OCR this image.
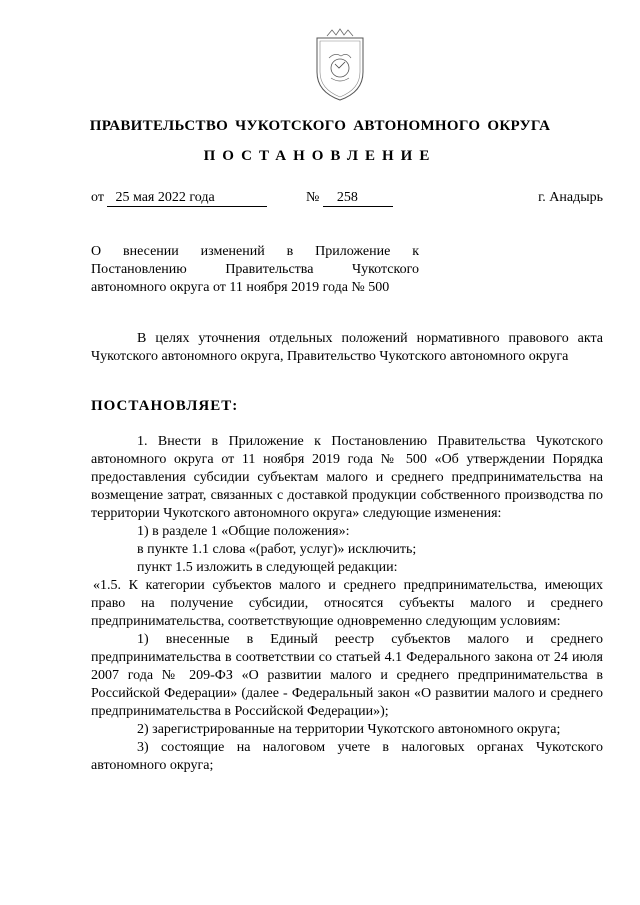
ПРАВИТЕЛЬСТВО ЧУКОТСКОГО АВТОНОМНОГО ОКРУГА
ПОСТАНОВЛЕНИЕ
от 25 мая 2022 года	№ 258	г. Анадырь
О внесении изменений в Приложение к
Постановлению Правительства Чукотского
автономного округа от 11 ноября 2019 года № 500

В целях уточнения отдельных положений нормативного правового акта Чукотского автономного округа, Правительство Чукотского автономного округа

ПОСТАНОВЛЯЕТ:

1. Внести в Приложение к Постановлению Правительства Чукотского автономного округа от 11 ноября 2019 года № 500 «Об утверждении Порядка предоставления субсидии субъектам малого и среднего предпринимательства на возмещение затрат, связанных с доставкой продукции собственного производства по территории Чукотского автономного округа» следующие изменения:

1) в разделе 1 «Общие положения»:

в пункте 1.1 слова «(работ, услуг)» исключить;

пункт 1.5 изложить в следующей редакции:

«1.5. К категории субъектов малого и среднего предпринимательства, имеющих право на получение субсидии, относятся субъекты малого и среднего предпринимательства, соответствующие одновременно следующим условиям:

1) внесенные в Единый реестр субъектов малого и среднего предпринимательства в соответствии со статьей 4.1 Федерального закона от 24 июля 2007 года № 209-ФЗ «О развитии малого и среднего предпринимательства в Российской Федерации» (далее - Федеральный закон «О развитии малого и среднего предпринимательства в Российской Федерации»);

2) зарегистрированные на территории Чукотского автономного округа;

3) состоящие на налоговом учете в налоговых органах Чукотского автономного округа;
